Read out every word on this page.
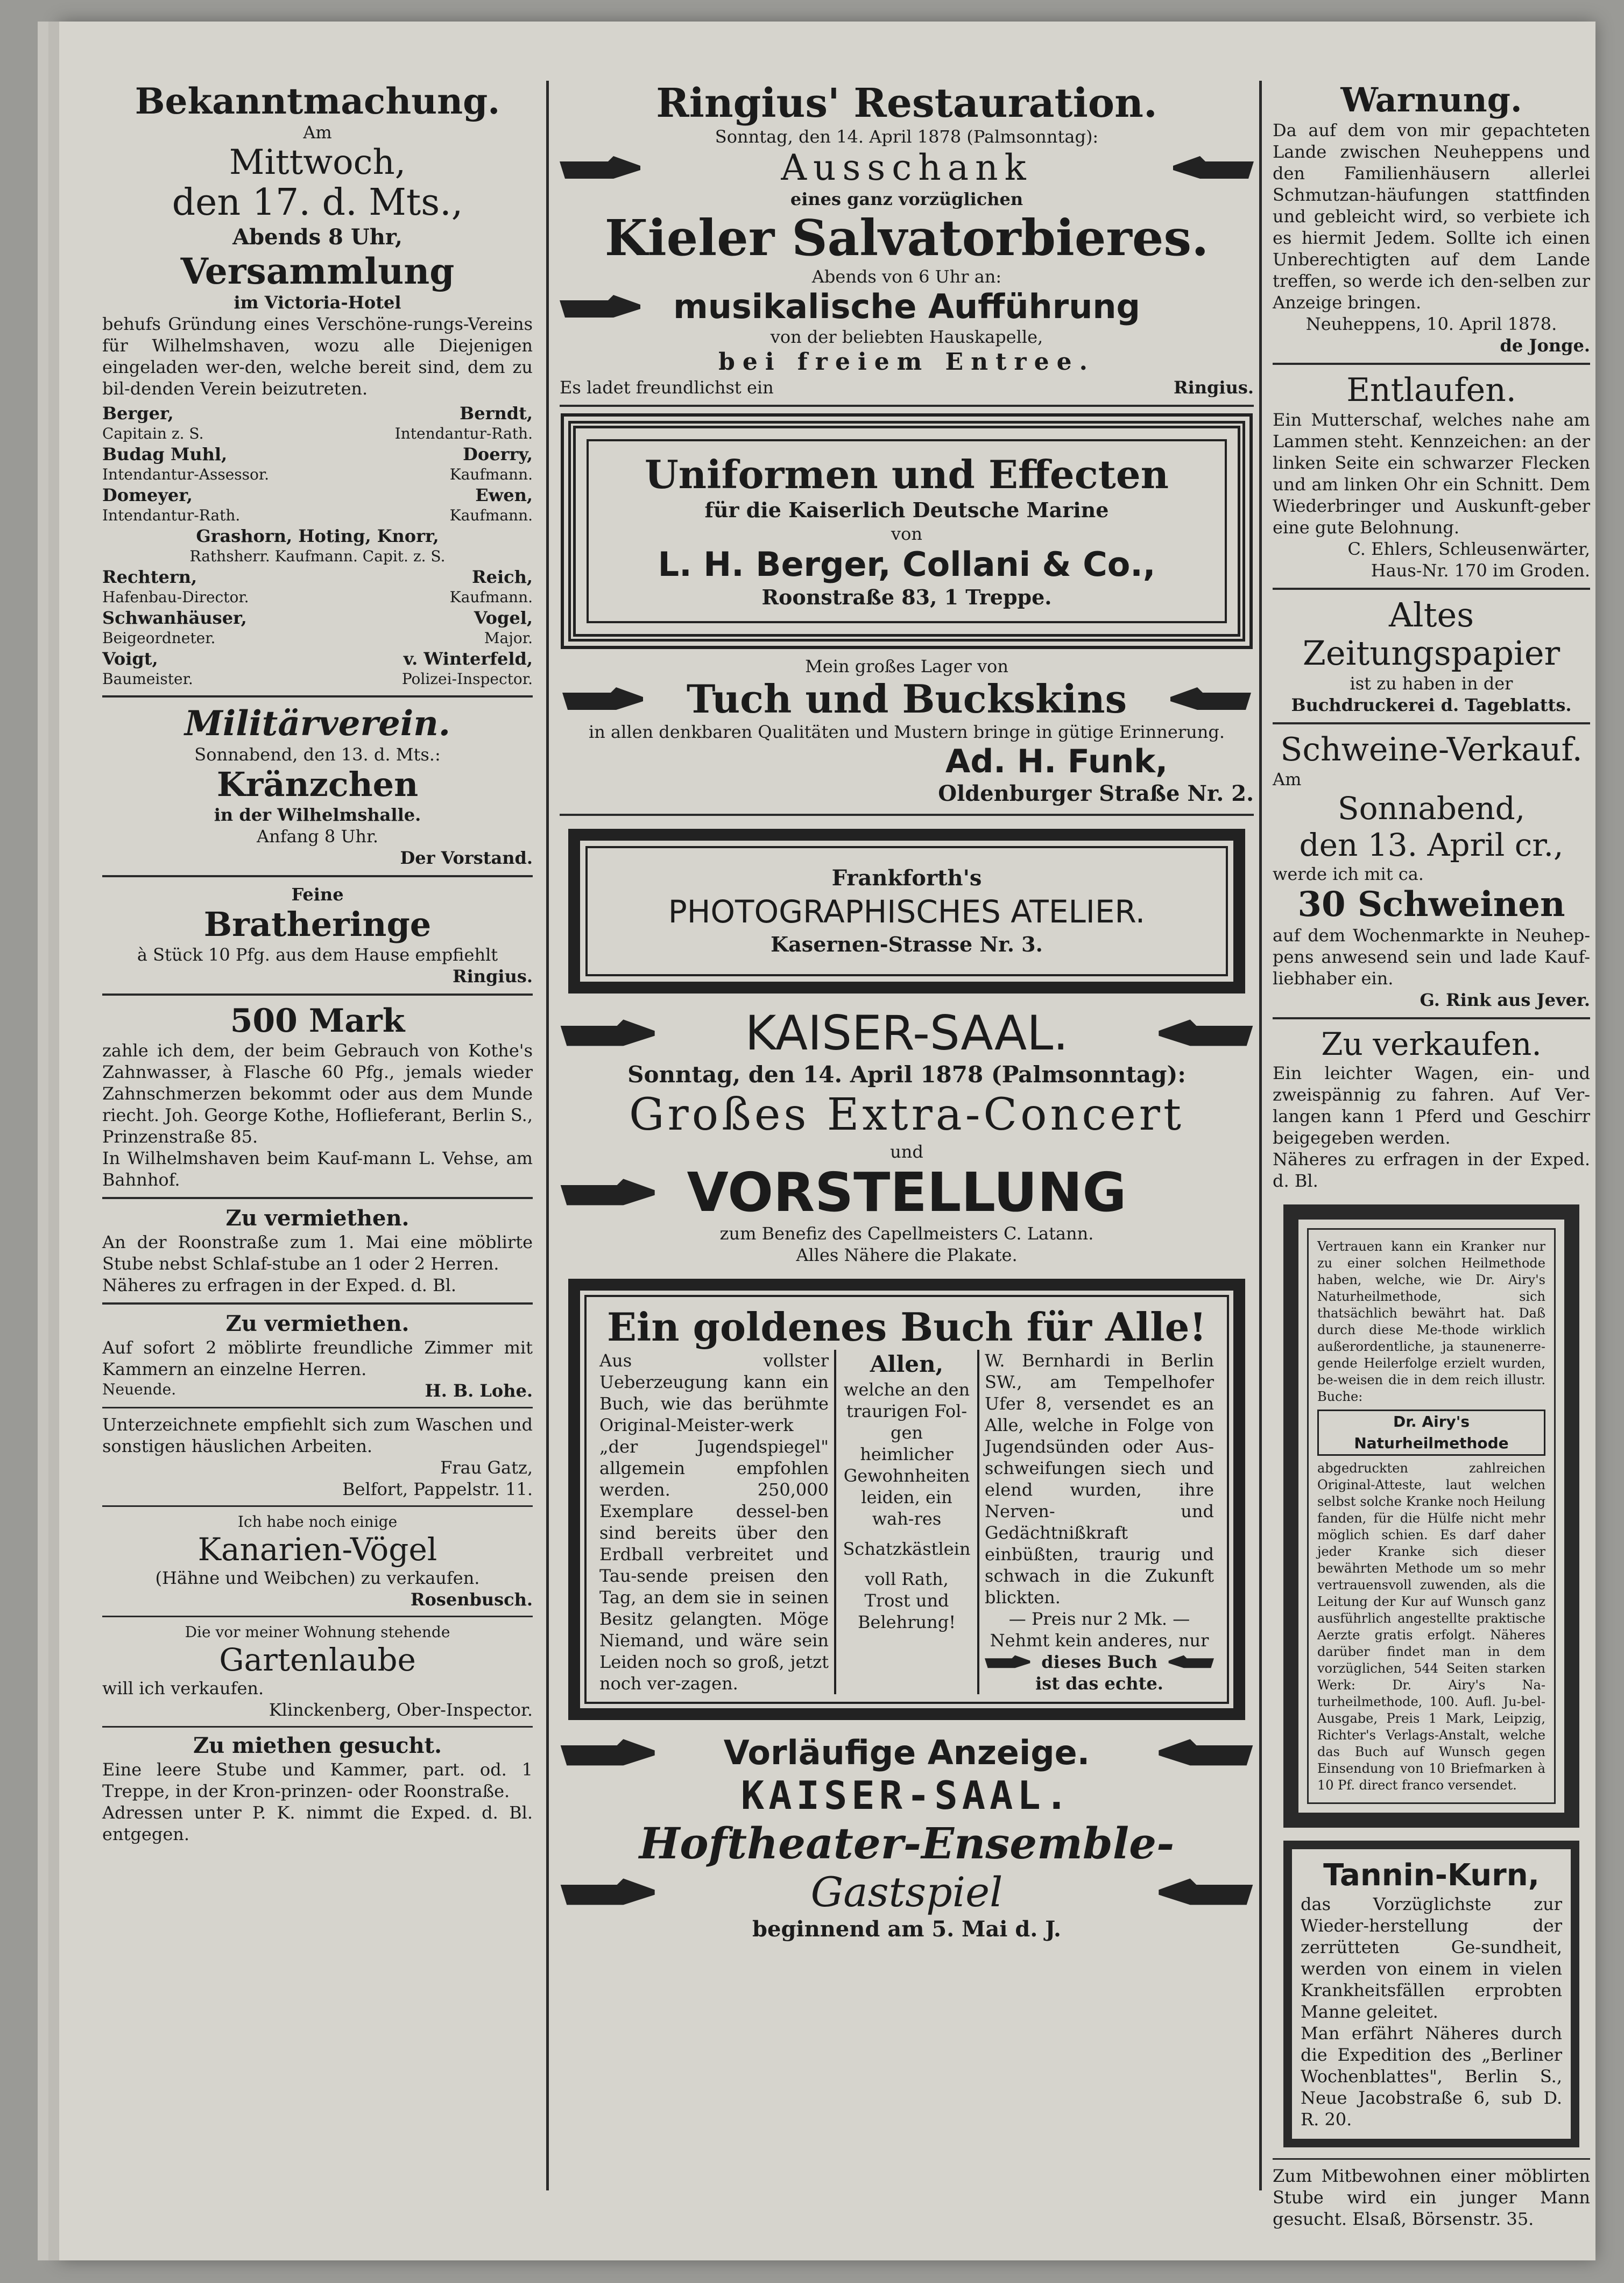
Bekanntmachung.

Am

Mittwoch,

den 17. d. Mts.,

Abends 8 Uhr,

Versammlung

im Victoria-Hotel

behufs Gründung eines Verschöne-rungs-Vereins für Wilhelmshaven, wozu alle Diejenigen eingeladen wer-den, welche bereit sind, dem zu bil-denden Verein beizutreten.

Berger,	Berndt,
Capitain z. S.	Intendantur-Rath.
Budag Muhl,	Doerry,
Intendantur-Assessor.	Kaufmann.
Domeyer,	Ewen,
Intendantur-Rath.	Kaufmann.
Grashorn, Hoting, Knorr,
Rathsherr. Kaufmann. Capit. z. S.
Rechtern,	Reich,
Hafenbau-Director.	Kaufmann.
Schwanhäuser,	Vogel,
Beigeordneter.	Major.
Voigt,	v. Winterfeld,
Baumeister.	Polizei-Inspector.

Militärverein.

Sonnabend, den 13. d. Mts.:

Kränzchen

in der Wilhelmshalle.

Anfang 8 Uhr.

Der Vorstand.

Feine

Bratheringe

à Stück 10 Pfg. aus dem Hause empfiehlt

Ringius.

500 Mark

zahle ich dem, der beim Gebrauch von Kothe's Zahnwasser, à Flasche 60 Pfg., jemals wieder Zahnschmerzen bekommt oder aus dem Munde riecht. Joh. George Kothe, Hoflieferant, Berlin S., Prinzenstraße 85.

In Wilhelmshaven beim Kauf-mann L. Vehse, am Bahnhof.

Zu vermiethen.

An der Roonstraße zum 1. Mai eine möblirte Stube nebst Schlaf-stube an 1 oder 2 Herren.

Näheres zu erfragen in der Exped. d. Bl.

Zu vermiethen.

Auf sofort 2 möblirte freundliche Zimmer mit Kammern an einzelne Herren.

Neuende.	H. B. Lohe.

Unterzeichnete empfiehlt sich zum Waschen und sonstigen häuslichen Arbeiten.

Frau Gatz,

Belfort, Pappelstr. 11.

Ich habe noch einige

Kanarien-Vögel

(Hähne und Weibchen) zu verkaufen.

Rosenbusch.

Die vor meiner Wohnung stehende

Gartenlaube

will ich verkaufen.

Klinckenberg, Ober-Inspector.

Zu miethen gesucht.

Eine leere Stube und Kammer, part. od. 1 Treppe, in der Kron-prinzen- oder Roonstraße.

Adressen unter P. K. nimmt die Exped. d. Bl. entgegen.

Ringius' Restauration.

Sonntag, den 14. April 1878 (Palmsonntag):

Ausschank

eines ganz vorzüglichen

Kieler Salvatorbieres.

Abends von 6 Uhr an:

musikalische Aufführung

von der beliebten Hauskapelle,

bei freiem Entree.

Es ladet freundlichst ein	Ringius.

Uniformen und Effecten

für die Kaiserlich Deutsche Marine

von

L. H. Berger, Collani & Co.,

Roonstraße 83, 1 Treppe.

Mein großes Lager von

Tuch und Buckskins

in allen denkbaren Qualitäten und Mustern bringe in gütige Erinnerung.

Ad. H. Funk,

Oldenburger Straße Nr. 2.

Frankforth's

PHOTOGRAPHISCHES ATELIER.

Kasernen-Strasse Nr. 3.

KAISER-SAAL.

Sonntag, den 14. April 1878 (Palmsonntag):

Großes Extra-Concert

und

VORSTELLUNG

zum Benefiz des Capellmeisters C. Latann.

Alles Nähere die Plakate.

Ein goldenes Buch für Alle!

Aus vollster Ueberzeugung kann ein Buch, wie das berühmte Original-Meister-werk „der Jugendspiegel" allgemein empfohlen werden. 250,000 Exemplare dessel-ben sind bereits über den Erdball verbreitet und Tau-sende preisen den Tag, an dem sie in seinen Besitz gelangten. Möge Niemand, und wäre sein Leiden noch so groß, jetzt noch ver-zagen.

Allen,

welche an den traurigen Fol-gen heimlicher Gewohnheiten leiden, ein wah-res

Schatzkästlein

voll Rath, Trost und Belehrung!

W. Bernhardi in Berlin SW., am Tempelhofer Ufer 8, versendet es an Alle, welche in Folge von Jugendsünden oder Aus-schweifungen siech und elend wurden, ihre Nerven- und Gedächtnißkraft einbüßten, traurig und schwach in die Zukunft blickten.

— Preis nur 2 Mk. — Nehmt kein anderes, nur

dieses Buch

ist das echte.

Vorläufige Anzeige.

KAISER-SAAL.

Hoftheater-Ensemble-

Gastspiel

beginnend am 5. Mai d. J.

Warnung.

Da auf dem von mir gepachteten Lande zwischen Neuheppens und den Familienhäusern allerlei Schmutzan-häufungen stattfinden und gebleicht wird, so verbiete ich es hiermit Jedem. Sollte ich einen Unberechtigten auf dem Lande treffen, so werde ich den-selben zur Anzeige bringen.

Neuheppens, 10. April 1878.

de Jonge.

Entlaufen.

Ein Mutterschaf, welches nahe am Lammen steht. Kennzeichen: an der linken Seite ein schwarzer Flecken und am linken Ohr ein Schnitt. Dem Wiederbringer und Auskunft-geber eine gute Belohnung.

C. Ehlers, Schleusenwärter,

Haus-Nr. 170 im Groden.

Altes

Zeitungspapier

ist zu haben in der

Buchdruckerei d. Tageblatts.

Schweine-Verkauf.

Am

Sonnabend,

den 13. April cr.,

werde ich mit ca.

30 Schweinen

auf dem Wochenmarkte in Neuhep-pens anwesend sein und lade Kauf-liebhaber ein.

G. Rink aus Jever.

Zu verkaufen.

Ein leichter Wagen, ein- und zweispännig zu fahren. Auf Ver-langen kann 1 Pferd und Geschirr beigegeben werden.

Näheres zu erfragen in der Exped. d. Bl.

Vertrauen kann ein Kranker nur zu einer solchen Heilmethode haben, welche, wie Dr. Airy's Naturheilmethode, sich thatsächlich bewährt hat. Daß durch diese Me-thode wirklich außerordentliche, ja staunenerre-gende Heilerfolge erzielt wurden, be-weisen die in dem reich illustr. Buche:

Dr. Airy's Naturheilmethode

abgedruckten zahlreichen Original-Atteste, laut welchen selbst solche Kranke noch Heilung fanden, für die Hülfe nicht mehr möglich schien. Es darf daher jeder Kranke sich dieser bewährten Methode um so mehr vertrauensvoll zuwenden, als die Leitung der Kur auf Wunsch ganz ausführlich angestellte praktische Aerzte gratis erfolgt. Näheres darüber findet man in dem vorzüglichen, 544 Seiten starken Werk: Dr. Airy's Na-turheilmethode, 100. Aufl. Ju-bel-Ausgabe, Preis 1 Mark, Leipzig, Richter's Verlags-Anstalt, welche das Buch auf Wunsch gegen Einsendung von 10 Briefmarken à 10 Pf. direct franco versendet.

Tannin-Kurn,

das Vorzüglichste zur Wieder-herstellung der zerrütteten Ge-sundheit, werden von einem in vielen Krankheitsfällen erprobten Manne geleitet.

Man erfährt Näheres durch die Expedition des „Berliner Wochenblattes", Berlin S., Neue Jacobstraße 6, sub D. R. 20.

Zum Mitbewohnen einer möblirten Stube wird ein junger Mann gesucht. Elsaß, Börsenstr. 35.
